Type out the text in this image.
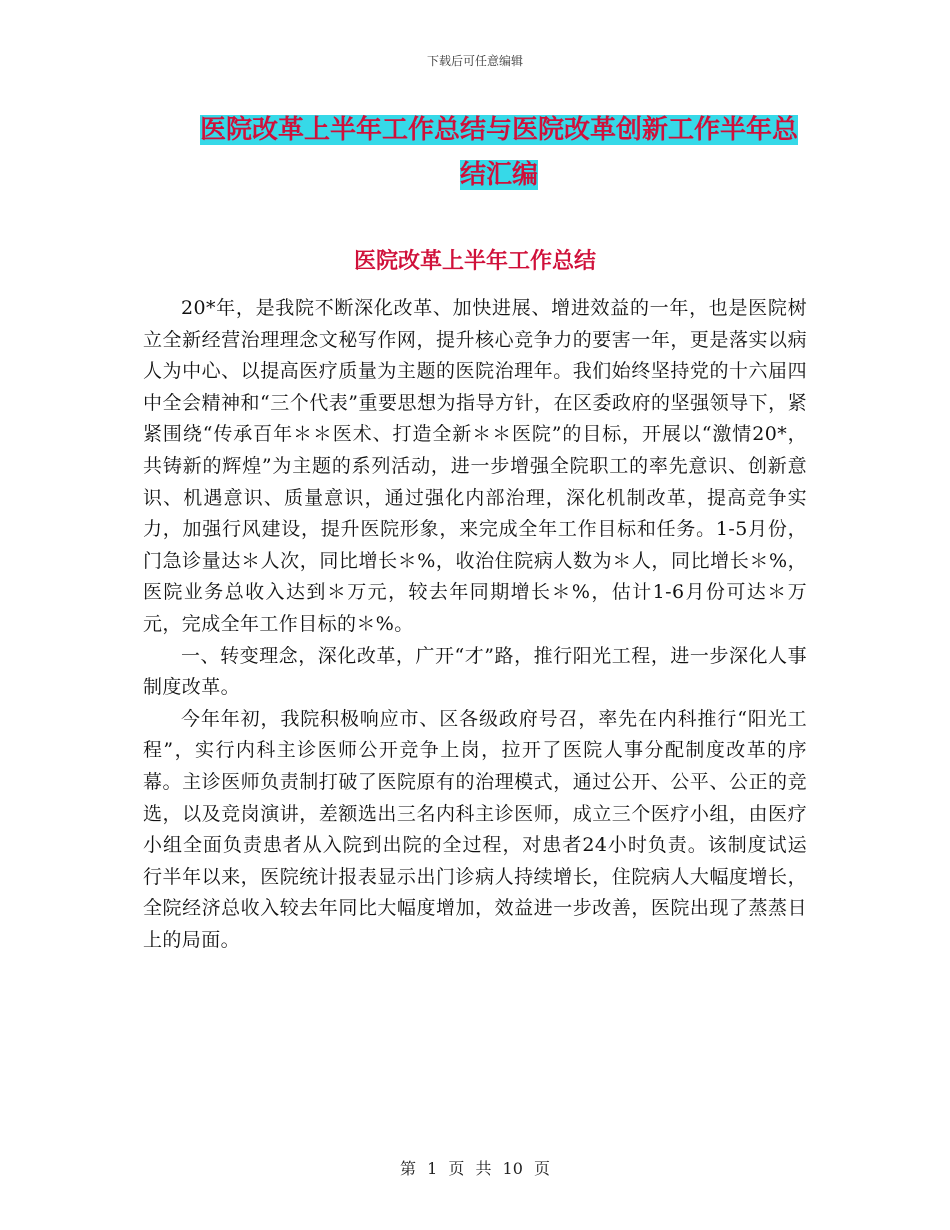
下载后可任意编辑
医院改革上半年工作总结与医院改革创新工作半年总结汇编
医院改革上半年工作总结

20*年，是我院不断深化改革、加快进展、增进效益的一年，也是医院树立全新经营治理理念文秘写作网，提升核心竞争力的要害一年，更是落实以病人为中心、以提高医疗质量为主题的医院治理年。我们始终坚持党的十六届四中全会精神和“三个代表”重要思想为指导方针，在区委政府的坚强领导下，紧紧围绕“传承百年＊＊医术、打造全新＊＊医院”的目标，开展以“激情20*，共铸新的辉煌”为主题的系列活动，进一步增强全院职工的率先意识、创新意识、机遇意识、质量意识，通过强化内部治理，深化机制改革，提高竞争实力，加强行风建设，提升医院形象，来完成全年工作目标和任务。1-5月份，门急诊量达＊人次，同比增长＊%，收治住院病人数为＊人，同比增长＊%，医院业务总收入达到＊万元，较去年同期增长＊%，估计1-6月份可达＊万元，完成全年工作目标的＊%。

一、转变理念，深化改革，广开“才”路，推行阳光工程，进一步深化人事制度改革。

今年年初，我院积极响应市、区各级政府号召，率先在内科推行“阳光工程”，实行内科主诊医师公开竞争上岗，拉开了医院人事分配制度改革的序幕。主诊医师负责制打破了医院原有的治理模式，通过公开、公平、公正的竞选，以及竞岗演讲，差额选出三名内科主诊医师，成立三个医疗小组，由医疗小组全面负责患者从入院到出院的全过程，对患者24小时负责。该制度试运行半年以来，医院统计报表显示出门诊病人持续增长，住院病人大幅度增长，全院经济总收入较去年同比大幅度增加，效益进一步改善，医院出现了蒸蒸日上的局面。

第 1 页 共 10 页
